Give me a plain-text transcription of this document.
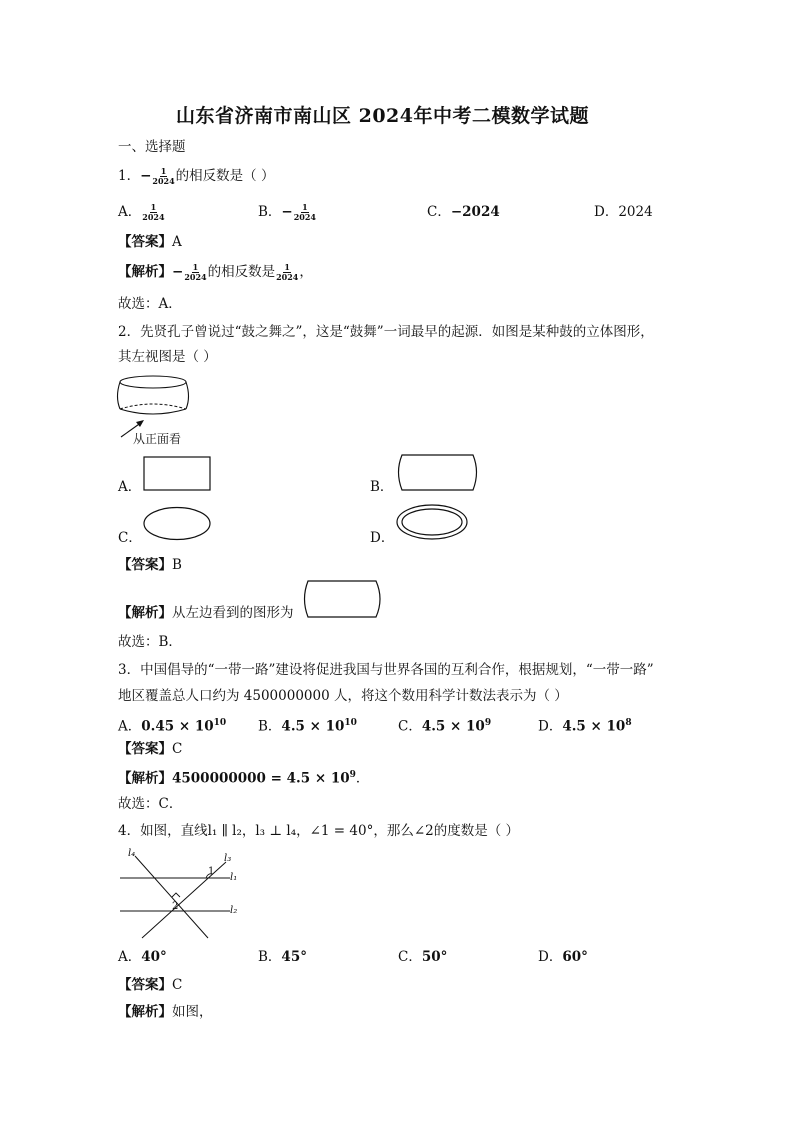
山东省济南市南山区 2024年中考二模数学试题
一、选择题
1．− $\frac{1}{2024}$ 的相反数是（ ）
A． $\frac{1}{2024}$	B．− $\frac{1}{2024}$	C．−2024	D．2024
【答案】A
【解析】− $\frac{1}{2024}$ 的相反数是 $\frac{1}{2024}$ ，
故选：A．
2．先贤孔子曾说过“鼓之舞之”，这是“鼓舞”一词最早的起源．如图是某种鼓的立体图形，
其左视图是（ ）
从正面看
A．	B．
C．	D．
【答案】B
【解析】从左边看到的图形为
故选：B．
3．中国倡导的“一带一路”建设将促进我国与世界各国的互利合作，根据规划，“一带一路”
地区覆盖总人口约为 4500000000 人，将这个数用科学计数法表示为（ ）
A．$0.45 \times 10^{10}$ B．$4.5 \times 10^{10}$	C．$4.5 \times 10^9$	D．$4.5 \times 10^8$
【答案】C
【解析】$4500000000 = 4.5 \times 10^9$．
故选：C．
4．如图，直线l₁ ∥ l₂，l₃ ⊥ l₄，∠1 = 40°，那么∠2的度数是（ ）
l₄	l₃
l₁
l₂
1
2
A．40°	B．45°	C．50°	D．60°
【答案】C
【解析】如图，
